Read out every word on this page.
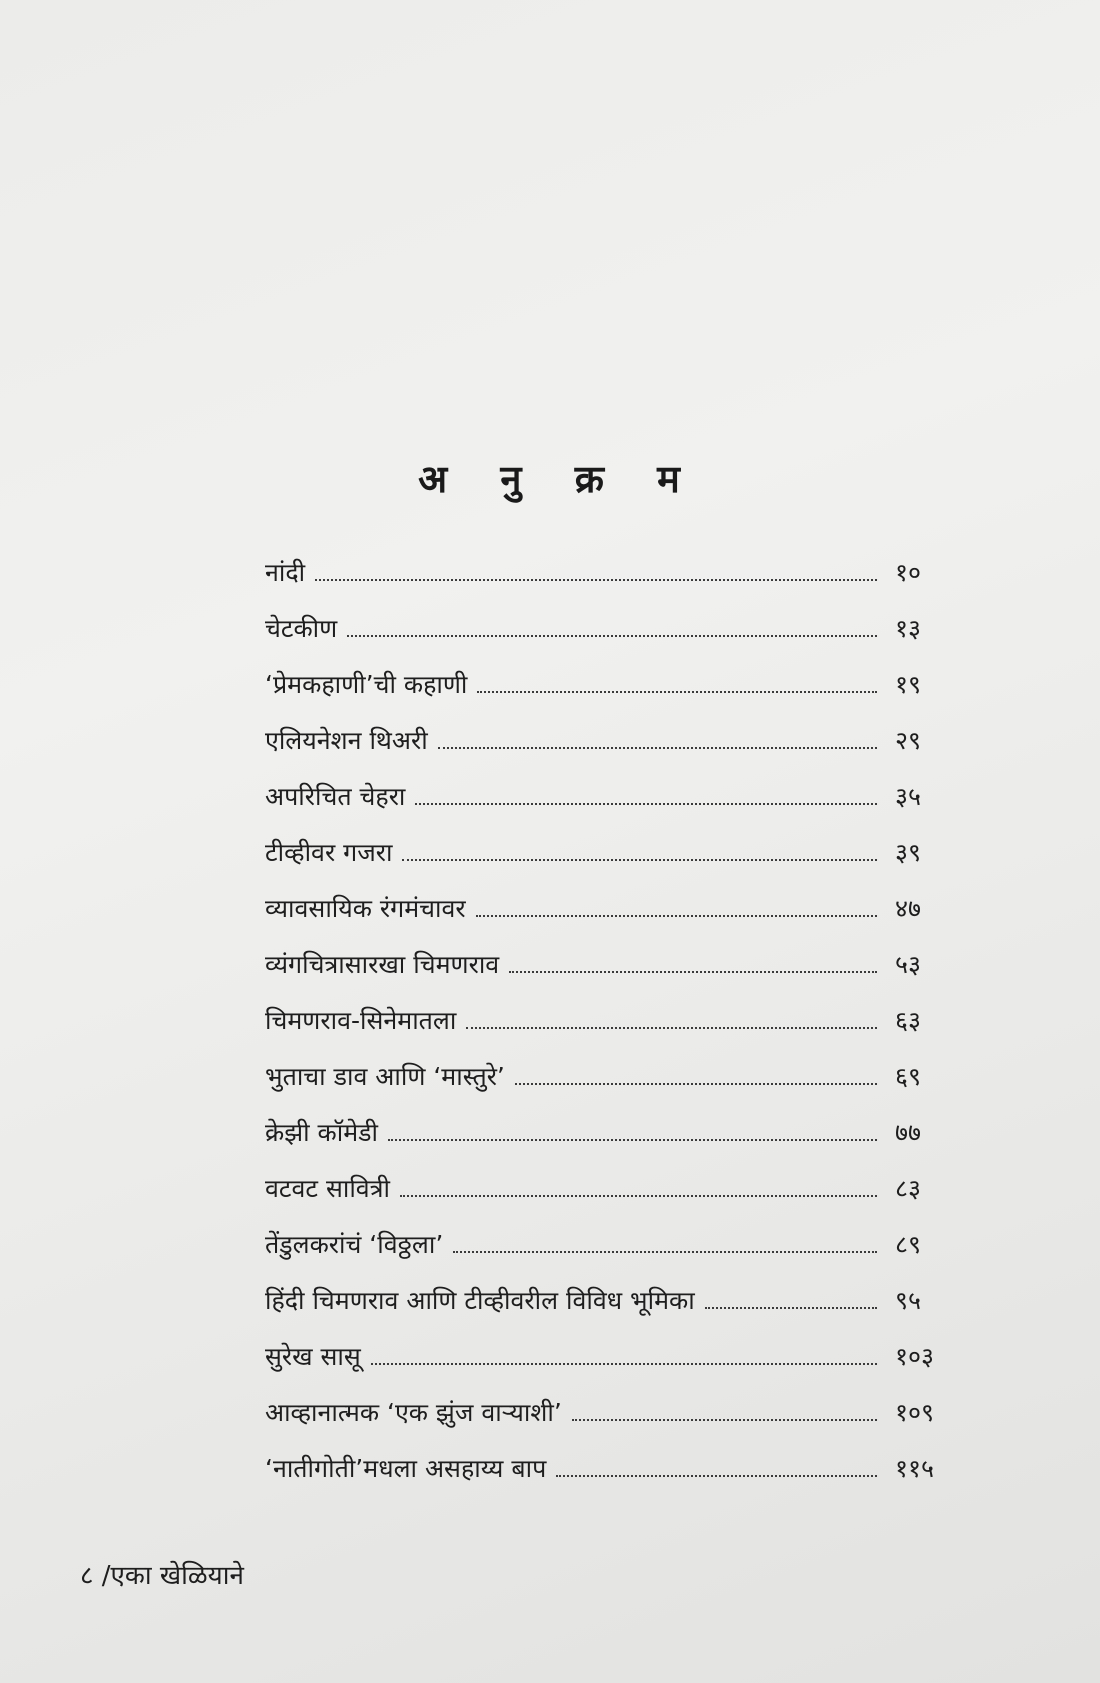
अ नु क्र म
नांदी	१०
चेटकीण	१३
‘प्रेमकहाणी’ची कहाणी	१९
एलियनेशन थिअरी	२९
अपरिचित चेहरा	३५
टीव्हीवर गजरा	३९
व्यावसायिक रंगमंचावर	४७
व्यंगचित्रासारखा चिमणराव	५३
चिमणराव-सिनेमातला	६३
भुताचा डाव आणि ‘मास्तुरे’	६९
क्रेझी कॉमेडी	७७
वटवट सावित्री	८३
तेंडुलकरांचं ‘विठ्ठला’	८९
हिंदी चिमणराव आणि टीव्हीवरील विविध भूमिका	९५
सुरेख सासू	१०३
आव्हानात्मक ‘एक झुंज वाऱ्याशी’	१०९
‘नातीगोती’मधला असहाय्य बाप	११५
८ /एका खेळियाने
